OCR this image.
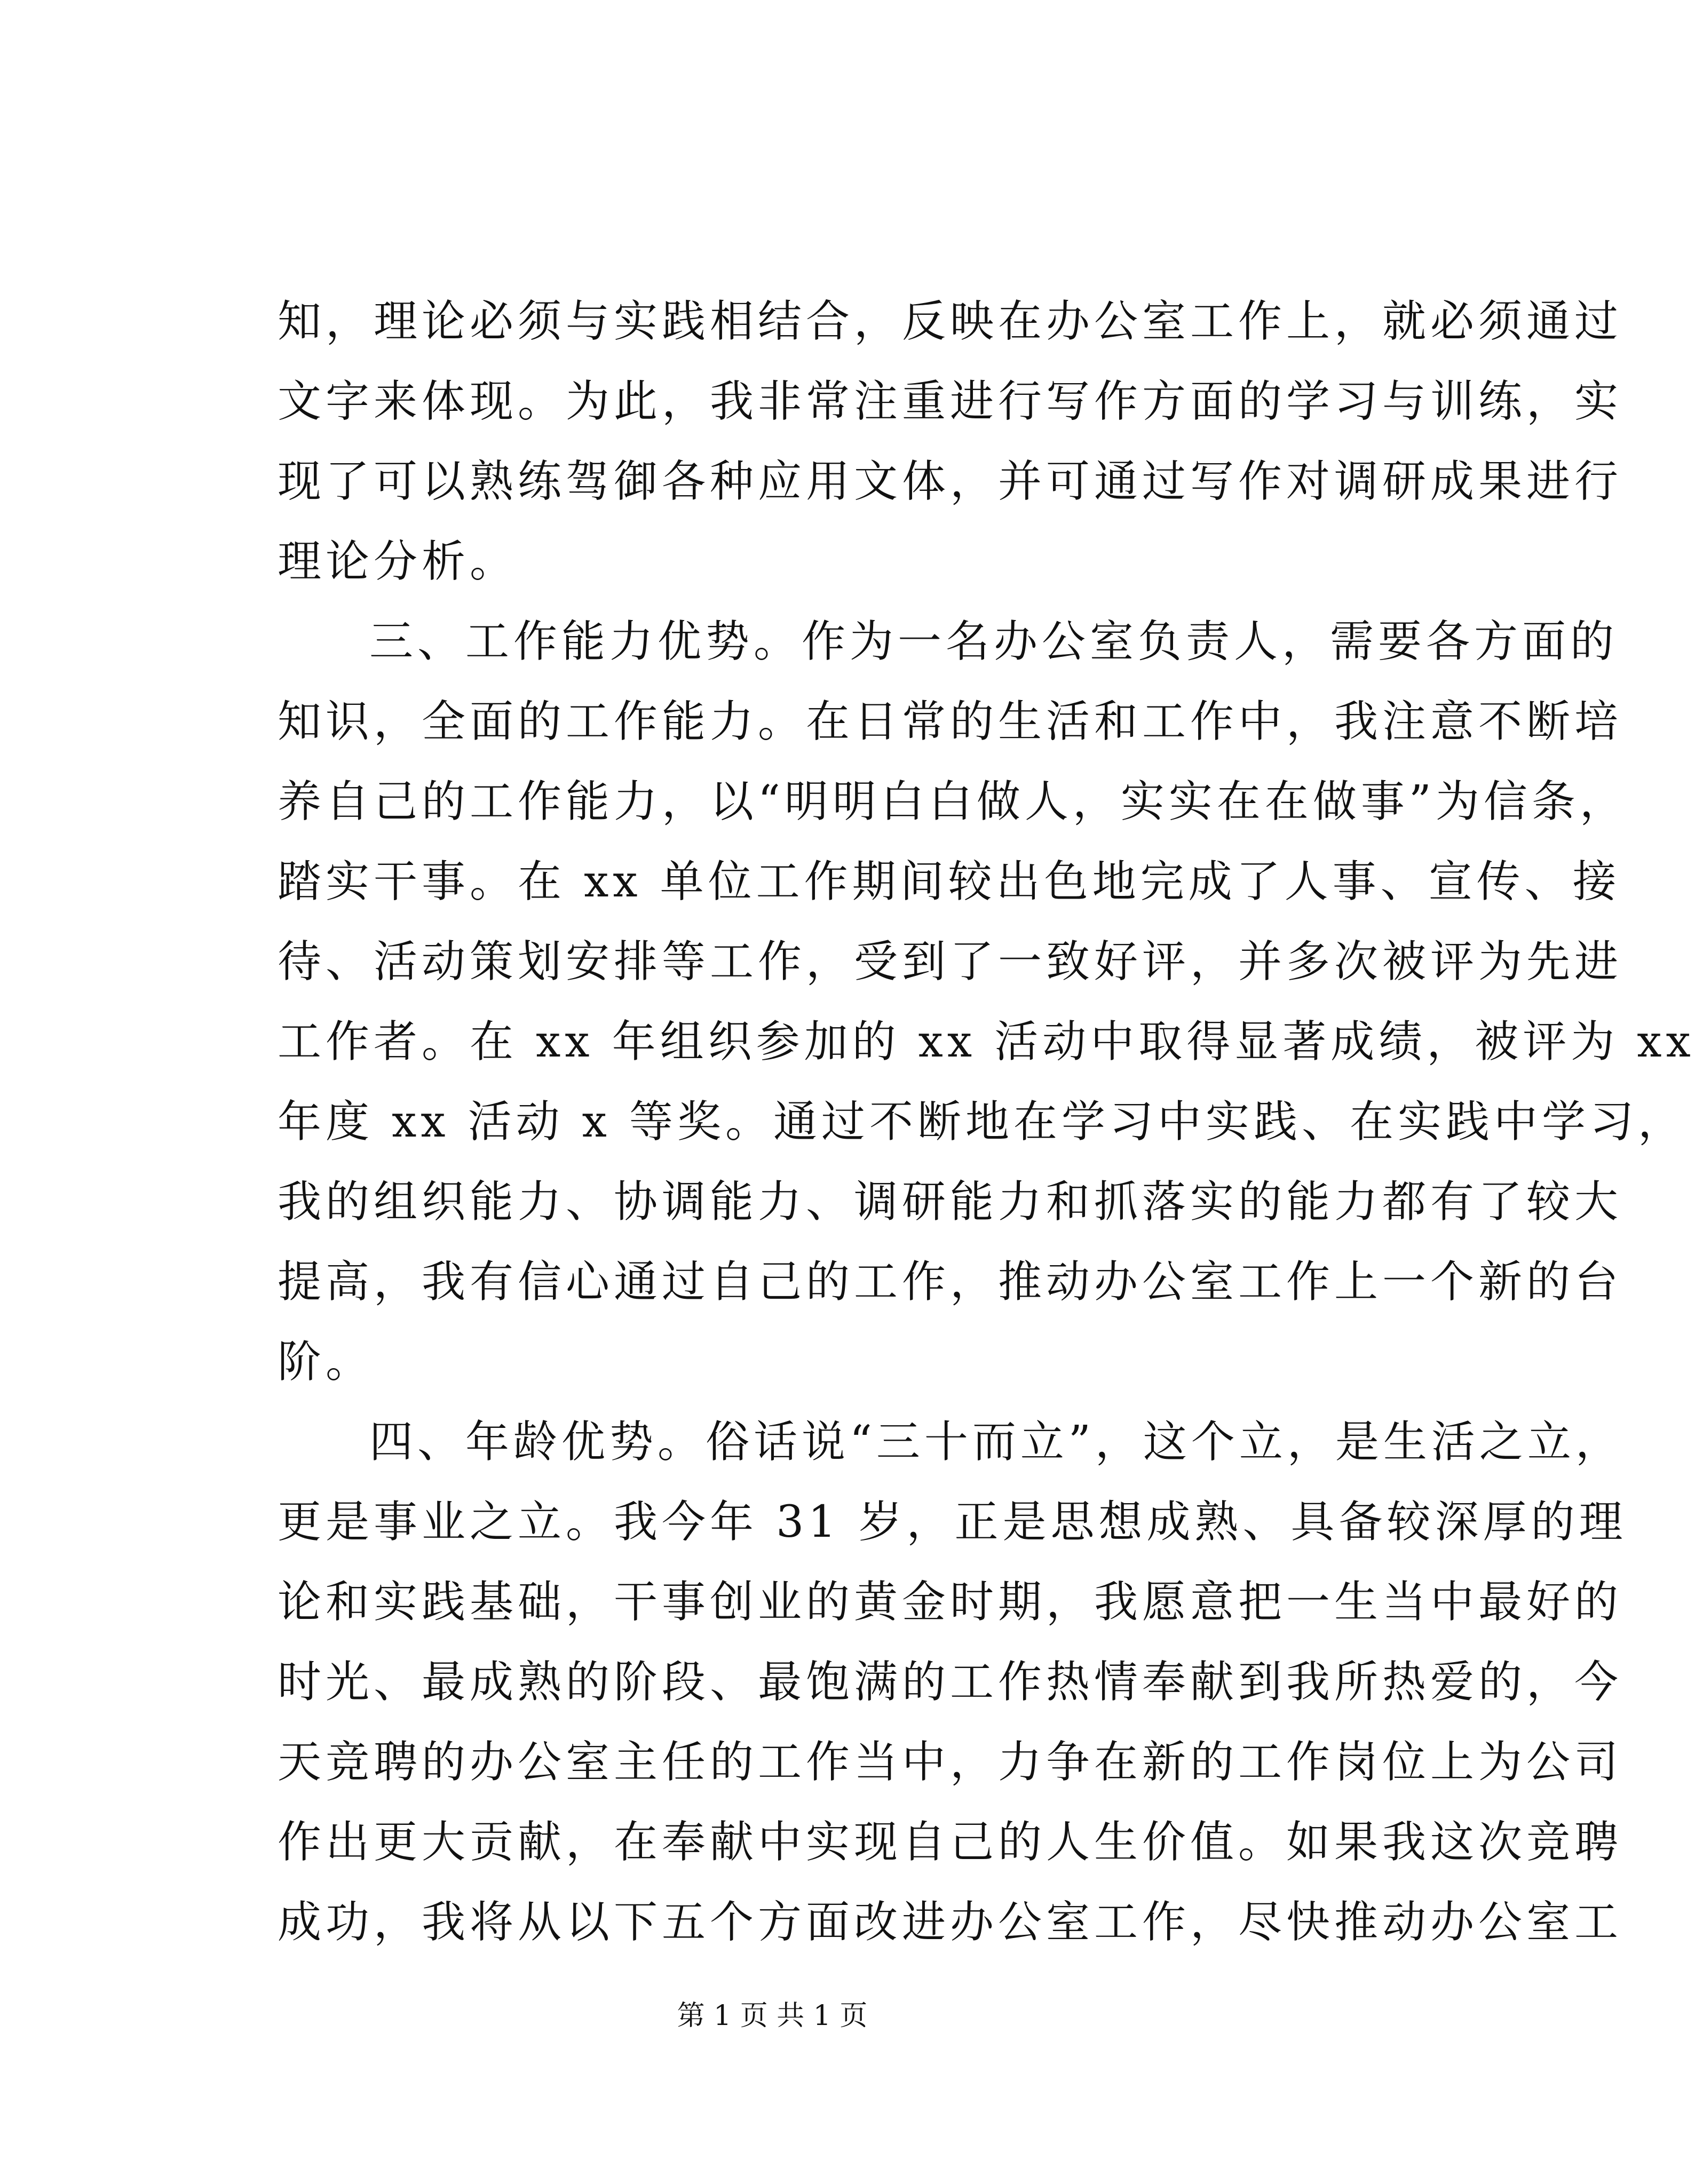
知，理论必须与实践相结合，反映在办公室工作上，就必须通过
文字来体现。为此，我非常注重进行写作方面的学习与训练，实
现了可以熟练驾御各种应用文体，并可通过写作对调研成果进行
理论分析。
三、工作能力优势。作为一名办公室负责人，需要各方面的
知识，全面的工作能力。在日常的生活和工作中，我注意不断培
养自己的工作能力，以“明明白白做人，实实在在做事”为信条，
踏实干事。在 xx 单位工作期间较出色地完成了人事、宣传、接
待、活动策划安排等工作，受到了一致好评，并多次被评为先进
工作者。在 xx 年组织参加的 xx 活动中取得显著成绩，被评为 xx
年度 xx 活动 x 等奖。通过不断地在学习中实践、在实践中学习，
我的组织能力、协调能力、调研能力和抓落实的能力都有了较大
提高，我有信心通过自己的工作，推动办公室工作上一个新的台
阶。
四、年龄优势。俗话说“三十而立”，这个立，是生活之立，
更是事业之立。我今年 31 岁，正是思想成熟、具备较深厚的理
论和实践基础，干事创业的黄金时期，我愿意把一生当中最好的
时光、最成熟的阶段、最饱满的工作热情奉献到我所热爱的，今
天竞聘的办公室主任的工作当中，力争在新的工作岗位上为公司
作出更大贡献，在奉献中实现自己的人生价值。如果我这次竞聘
成功，我将从以下五个方面改进办公室工作，尽快推动办公室工
第 1 页 共 1 页
